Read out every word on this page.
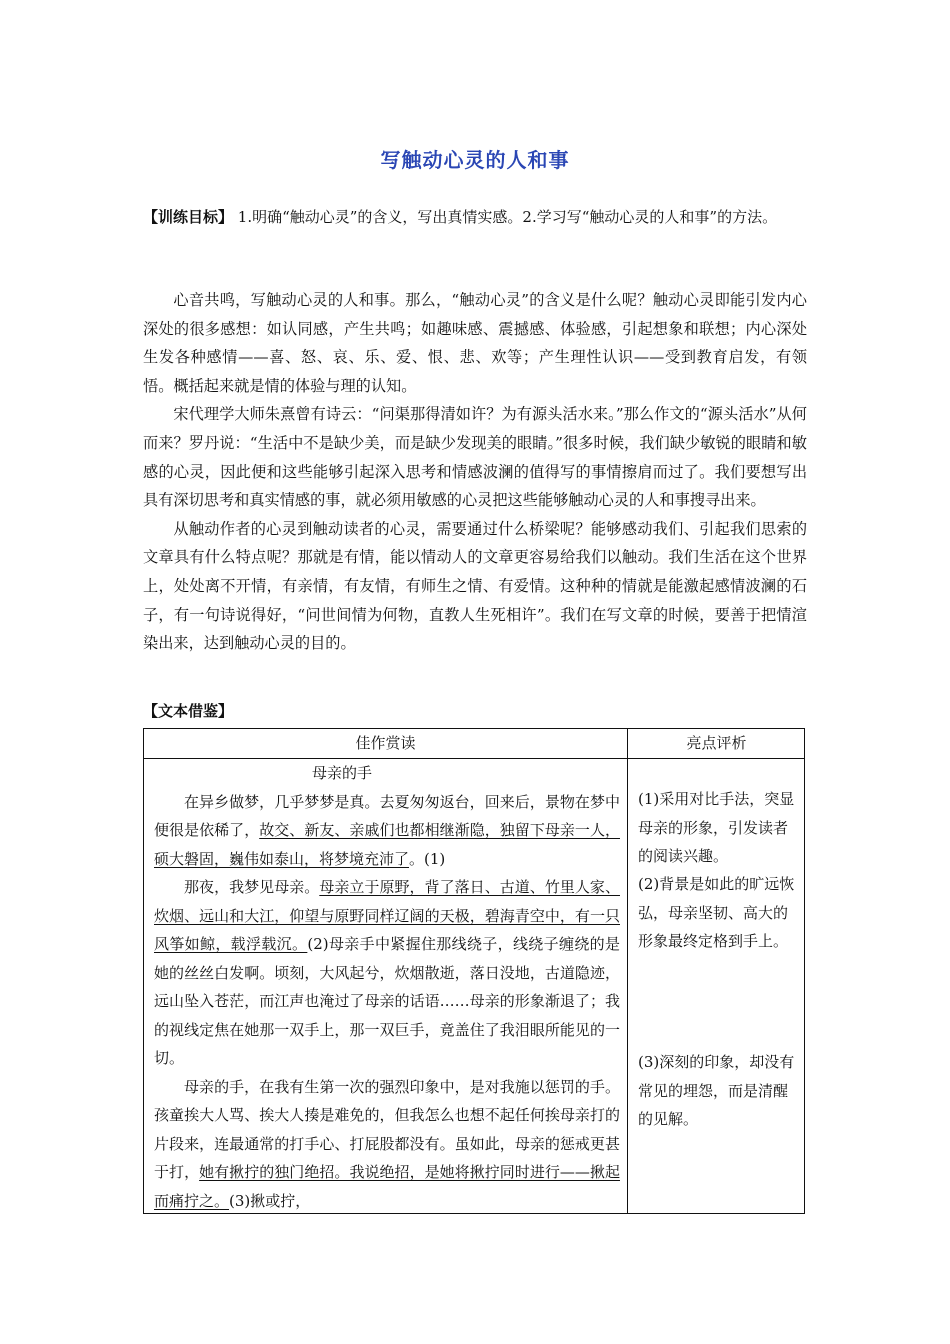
写触动心灵的人和事
【训练目标】 1.明确“触动心灵”的含义，写出真情实感。2.学习写“触动心灵的人和事”的方法。

心音共鸣，写触动心灵的人和事。那么，“触动心灵”的含义是什么呢？触动心灵即能引发内心深处的很多感想：如认同感，产生共鸣；如趣味感、震撼感、体验感，引起想象和联想；内心深处生发各种感情——喜、怒、哀、乐、爱、恨、悲、欢等；产生理性认识——受到教育启发，有领悟。概括起来就是情的体验与理的认知。

宋代理学大师朱熹曾有诗云：“问渠那得清如许？为有源头活水来。”那么作文的“源头活水”从何而来？罗丹说：“生活中不是缺少美，而是缺少发现美的眼睛。”很多时候，我们缺少敏锐的眼睛和敏感的心灵，因此便和这些能够引起深入思考和情感波澜的值得写的事情擦肩而过了。我们要想写出具有深切思考和真实情感的事，就必须用敏感的心灵把这些能够触动心灵的人和事搜寻出来。

从触动作者的心灵到触动读者的心灵，需要通过什么桥梁呢？能够感动我们、引起我们思索的文章具有什么特点呢？那就是有情，能以情动人的文章更容易给我们以触动。我们生活在这个世界上，处处离不开情，有亲情，有友情，有师生之情、有爱情。这种种的情就是能激起感情波澜的石子，有一句诗说得好，“问世间情为何物，直教人生死相许”。我们在写文章的时候，要善于把情渲染出来，达到触动心灵的目的。

【文本借鉴】
佳作赏读	亮点评析
母亲的手

在异乡做梦，几乎梦梦是真。去夏匆匆返台，回来后，景物在梦中便很是依稀了，故交、新友、亲戚们也都相继渐隐，独留下母亲一人，硕大磐固，巍伟如泰山，将梦境充沛了。(1)

那夜，我梦见母亲。母亲立于原野，背了落日、古道、竹里人家、炊烟、远山和大江，仰望与原野同样辽阔的天极，碧海青空中，有一只风筝如鲸，载浮载沉。(2)母亲手中紧握住那线绕子，线绕子缠绕的是她的丝丝白发啊。顷刻，大风起兮，炊烟散逝，落日没地，古道隐迹，远山坠入苍茫，而江声也淹过了母亲的话语……母亲的形象渐退了；我的视线定焦在她那一双手上，那一双巨手，竟盖住了我泪眼所能见的一切。

母亲的手，在我有生第一次的强烈印象中，是对我施以惩罚的手。孩童挨大人骂、挨大人揍是难免的，但我怎么也想不起任何挨母亲打的片段来，连最通常的打手心、打屁股都没有。虽如此，母亲的惩戒更甚于打，她有揪拧的独门绝招。我说绝招，是她将揪拧同时进行——揪起而痛拧之。(3)揪或拧，

(1)采用对比手法，突显母亲的形象，引发读者的阅读兴趣。
(2)背景是如此的旷远恢弘，母亲坚韧、高大的形象最终定格到手上。
(3)深刻的印象，却没有常见的埋怨，而是清醒的见解。
